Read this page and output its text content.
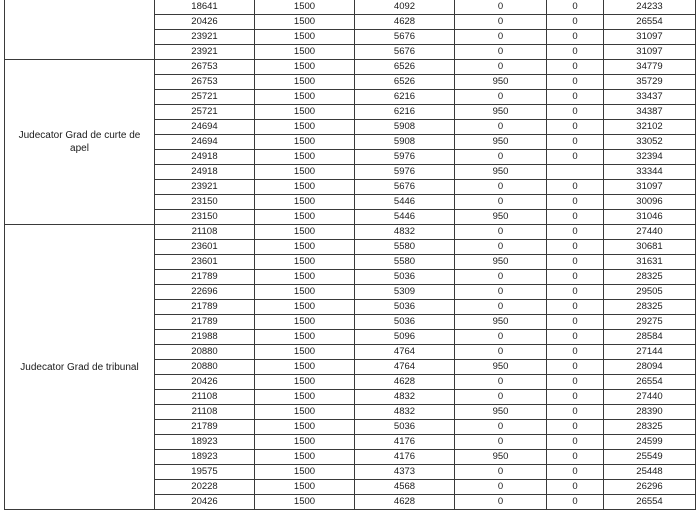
	18641	1500	4092	0	0	24233
	20426	1500	4628	0	0	26554
	23921	1500	5676	0	0	31097
	23921	1500	5676	0	0	31097
Judecator Grad de curte de apel	26753	1500	6526	0	0	34779
	26753	1500	6526	950	0	35729
	25721	1500	6216	0	0	33437
	25721	1500	6216	950	0	34387
	24694	1500	5908	0	0	32102
	24694	1500	5908	950	0	33052
	24918	1500	5976	0	0	32394
	24918	1500	5976	950		33344
	23921	1500	5676	0	0	31097
	23150	1500	5446	0	0	30096
	23150	1500	5446	950	0	31046
Judecator Grad de tribunal	21108	1500	4832	0	0	27440
	23601	1500	5580	0	0	30681
	23601	1500	5580	950	0	31631
	21789	1500	5036	0	0	28325
	22696	1500	5309	0	0	29505
	21789	1500	5036	0	0	28325
	21789	1500	5036	950	0	29275
	21988	1500	5096	0	0	28584
	20880	1500	4764	0	0	27144
	20880	1500	4764	950	0	28094
	20426	1500	4628	0	0	26554
	21108	1500	4832	0	0	27440
	21108	1500	4832	950	0	28390
	21789	1500	5036	0	0	28325
	18923	1500	4176	0	0	24599
	18923	1500	4176	950	0	25549
	19575	1500	4373	0	0	25448
	20228	1500	4568	0	0	26296
	20426	1500	4628	0	0	26554
